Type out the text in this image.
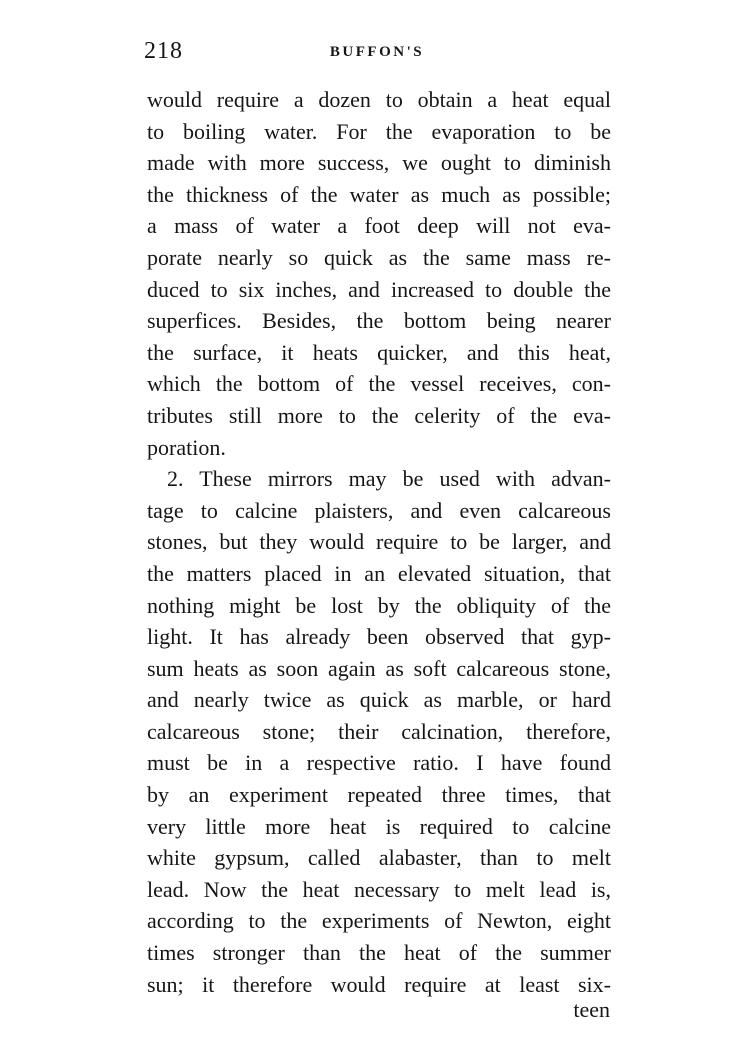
218	BUFFON'S
would require a dozen to obtain a heat equal
to boiling water. For the evaporation to be
made with more success, we ought to diminish
the thickness of the water as much as possible;
a mass of water a foot deep will not eva-
porate nearly so quick as the same mass re-
duced to six inches, and increased to double the
superfices. Besides, the bottom being nearer
the surface, it heats quicker, and this heat,
which the bottom of the vessel receives, con-
tributes still more to the celerity of the eva-
poration.
2. These mirrors may be used with advan-
tage to calcine plaisters, and even calcareous
stones, but they would require to be larger, and
the matters placed in an elevated situation, that
nothing might be lost by the obliquity of the
light. It has already been observed that gyp-
sum heats as soon again as soft calcareous stone,
and nearly twice as quick as marble, or hard
calcareous stone; their calcination, therefore,
must be in a respective ratio. I have found
by an experiment repeated three times, that
very little more heat is required to calcine
white gypsum, called alabaster, than to melt
lead. Now the heat necessary to melt lead is,
according to the experiments of Newton, eight
times stronger than the heat of the summer
sun; it therefore would require at least six-
teen
